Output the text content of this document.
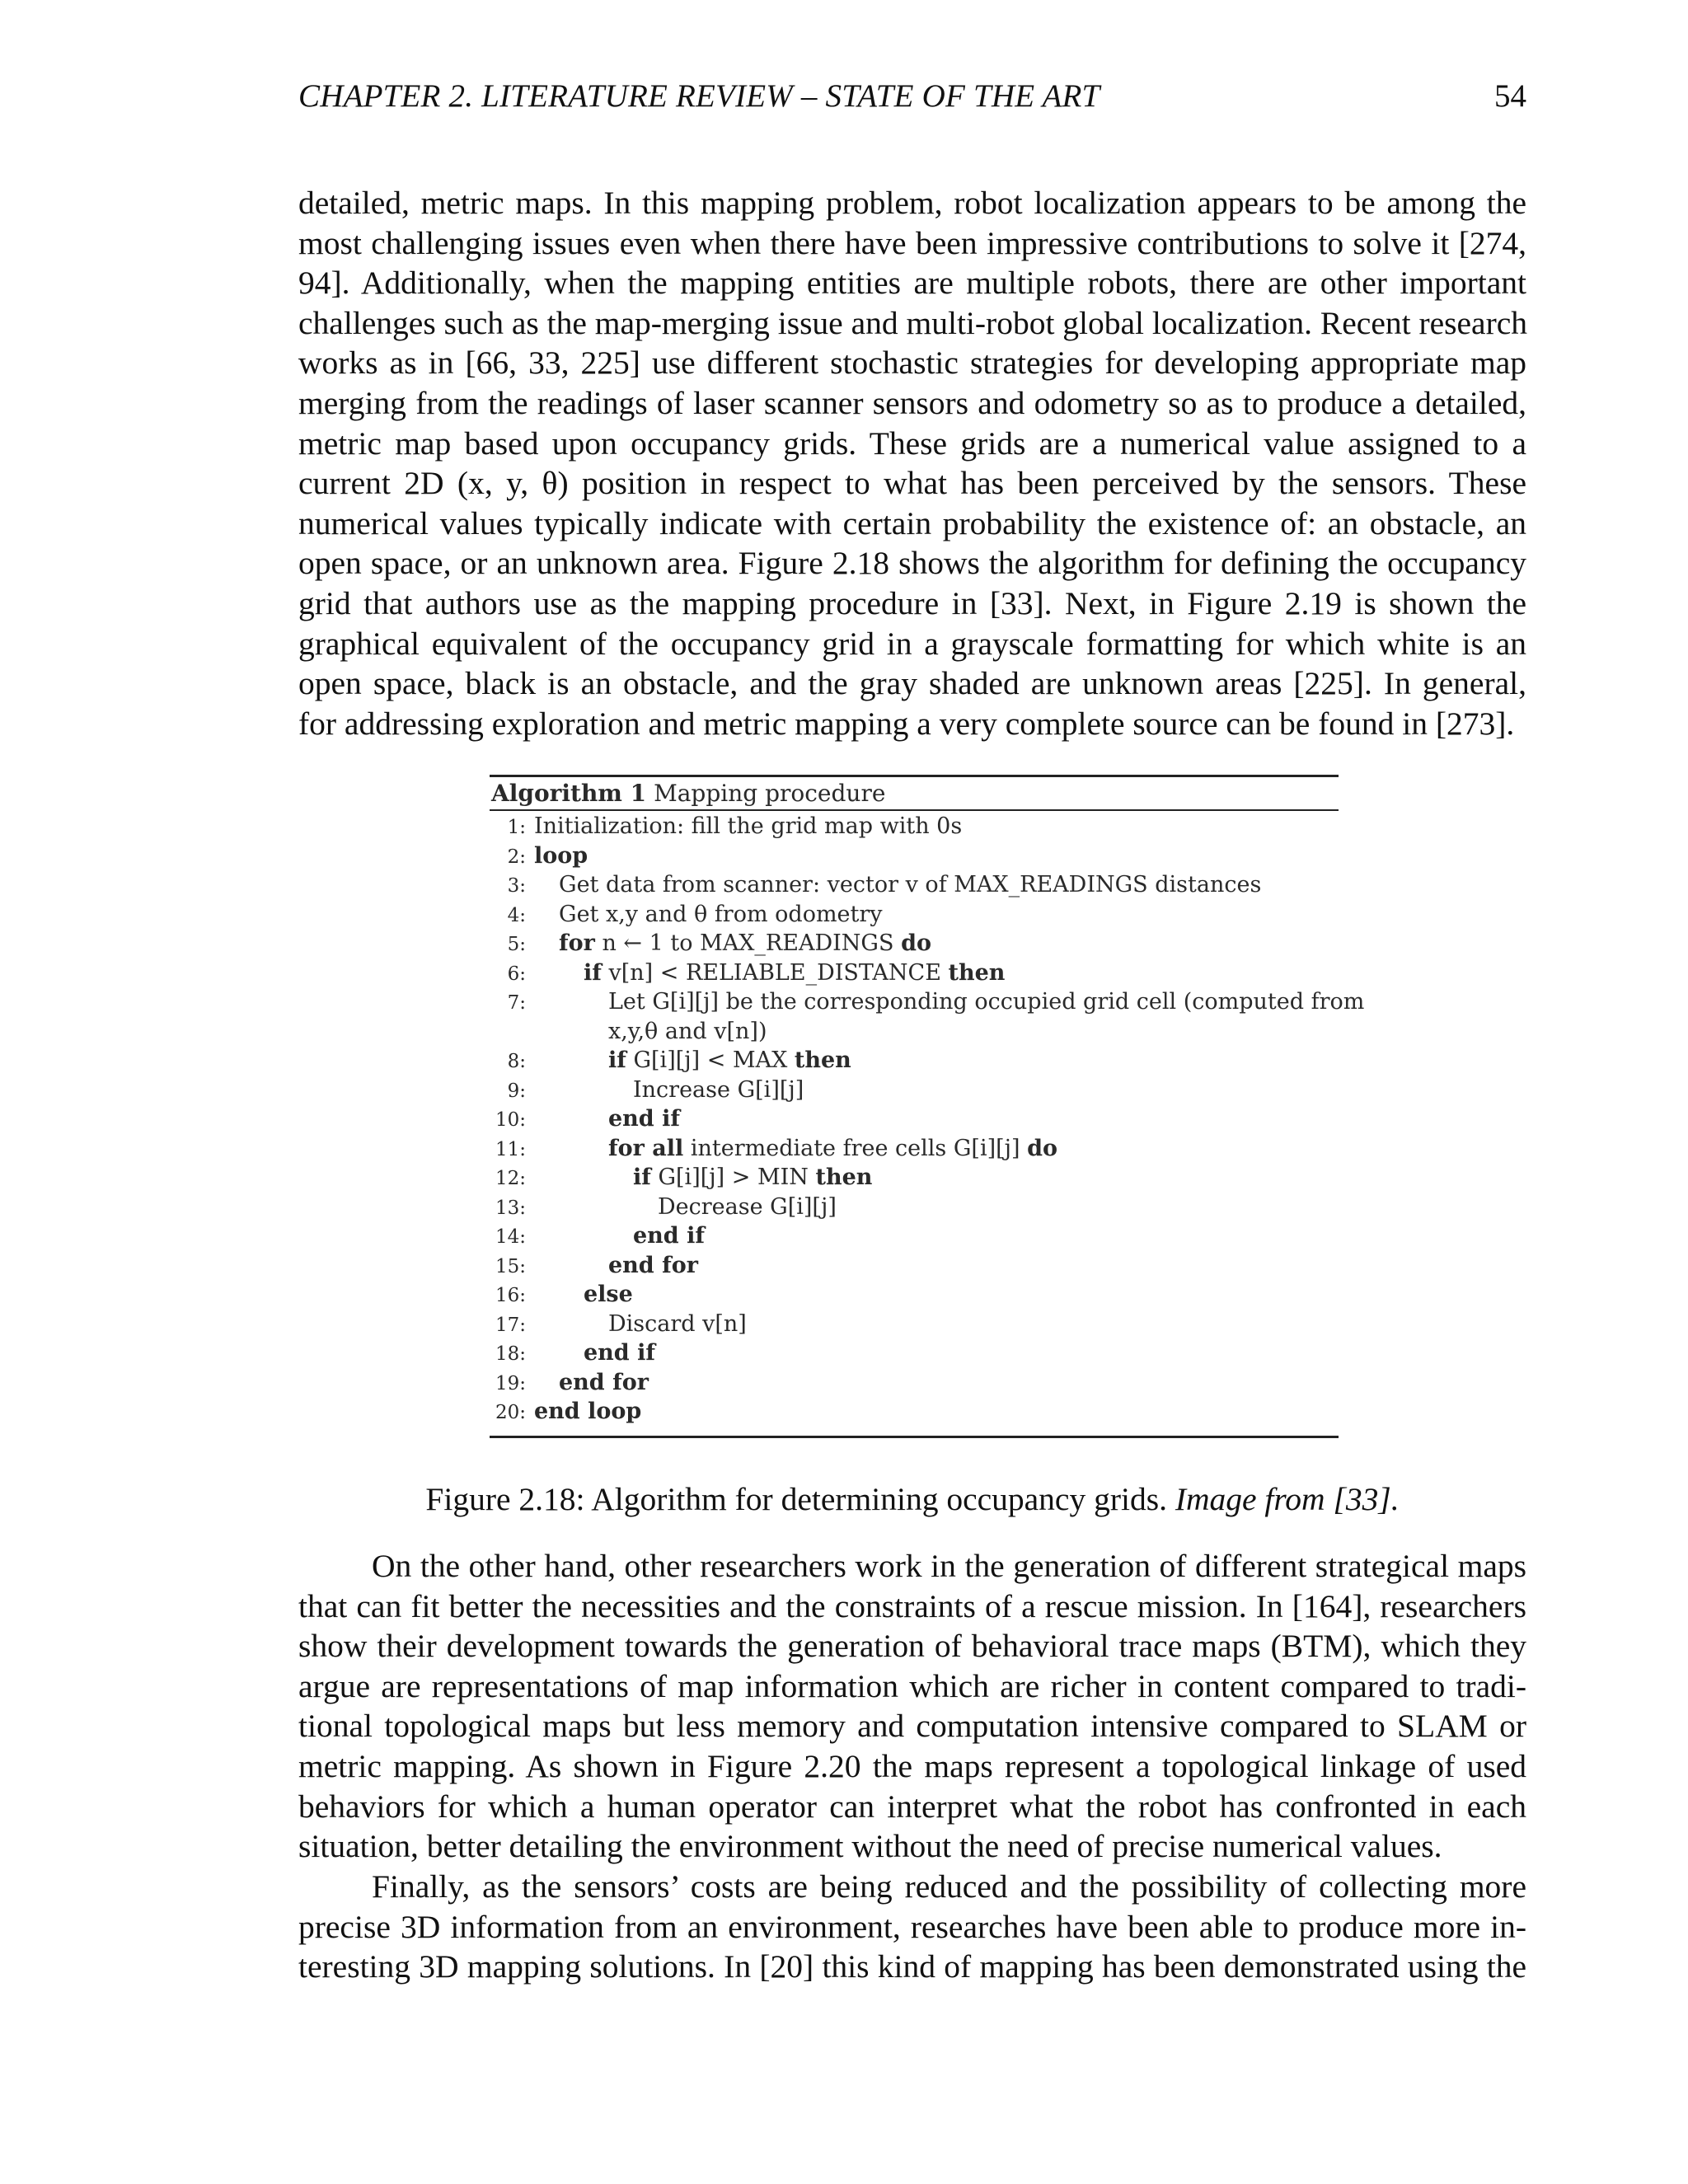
CHAPTER 2. LITERATURE REVIEW – STATE OF THE ART	54
detailed, metric maps. In this mapping problem, robot localization appears to be among the
most challenging issues even when there have been impressive contributions to solve it [274,
94]. Additionally, when the mapping entities are multiple robots, there are other important
challenges such as the map-merging issue and multi-robot global localization. Recent research
works as in [66, 33, 225] use different stochastic strategies for developing appropriate map
merging from the readings of laser scanner sensors and odometry so as to produce a detailed,
metric map based upon occupancy grids. These grids are a numerical value assigned to a
current 2D (x, y, θ) position in respect to what has been perceived by the sensors. These
numerical values typically indicate with certain probability the existence of: an obstacle, an
open space, or an unknown area. Figure 2.18 shows the algorithm for defining the occupancy
grid that authors use as the mapping procedure in [33]. Next, in Figure 2.19 is shown the
graphical equivalent of the occupancy grid in a grayscale formatting for which white is an
open space, black is an obstacle, and the gray shaded are unknown areas [225]. In general,
for addressing exploration and metric mapping a very complete source can be found in [273].
Algorithm 1 Mapping procedure
1: Initialization: fill the grid map with 0s
2: loop
3: Get data from scanner: vector v of MAX_READINGS distances
4: Get x,y and θ from odometry
5: for n ← 1 to MAX_READINGS do
6:	if v[n] < RELIABLE_DISTANCE then
7:	Let G[i][j] be the corresponding occupied grid cell (computed from
x,y,θ and v[n])
8:	if G[i][j] < MAX then
9:	Increase G[i][j]
10:	end if
11:	for all intermediate free cells G[i][j] do
12:	if G[i][j] > MIN then
13:	Decrease G[i][j]
14:	end if
15:	end for
16:	else
17:	Discard v[n]
18:	end if
19: end for
20: end loop
Figure 2.18: Algorithm for determining occupancy grids. Image from [33].
On the other hand, other researchers work in the generation of different strategical maps
that can fit better the necessities and the constraints of a rescue mission. In [164], researchers
show their development towards the generation of behavioral trace maps (BTM), which they
argue are representations of map information which are richer in content compared to tradi-
tional topological maps but less memory and computation intensive compared to SLAM or
metric mapping. As shown in Figure 2.20 the maps represent a topological linkage of used
behaviors for which a human operator can interpret what the robot has confronted in each
situation, better detailing the environment without the need of precise numerical values.
Finally, as the sensors’ costs are being reduced and the possibility of collecting more
precise 3D information from an environment, researches have been able to produce more in-
teresting 3D mapping solutions. In [20] this kind of mapping has been demonstrated using the
